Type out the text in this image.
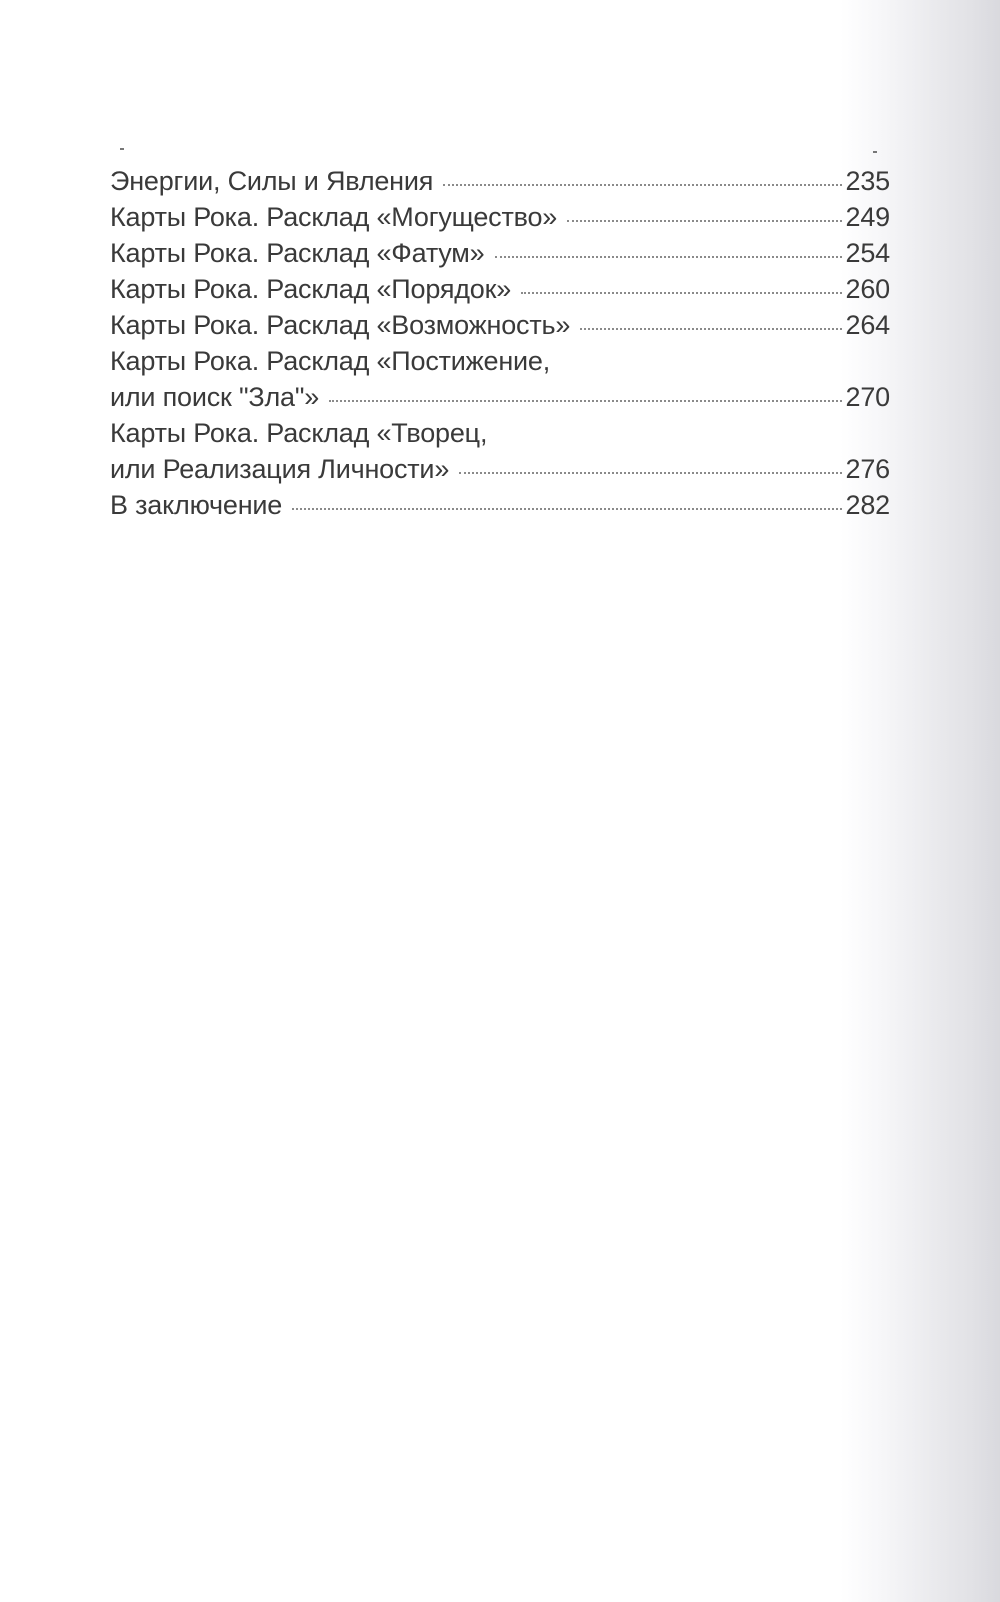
Энергии, Силы и Явления	235
Карты Рока. Расклад «Могущество»	249
Карты Рока. Расклад «Фатум»	254
Карты Рока. Расклад «Порядок»	260
Карты Рока. Расклад «Возможность»	264
Карты Рока. Расклад «Постижение,
или поиск "Зла"»	270
Карты Рока. Расклад «Творец,
или Реализация Личности»	276
В заключение	282
